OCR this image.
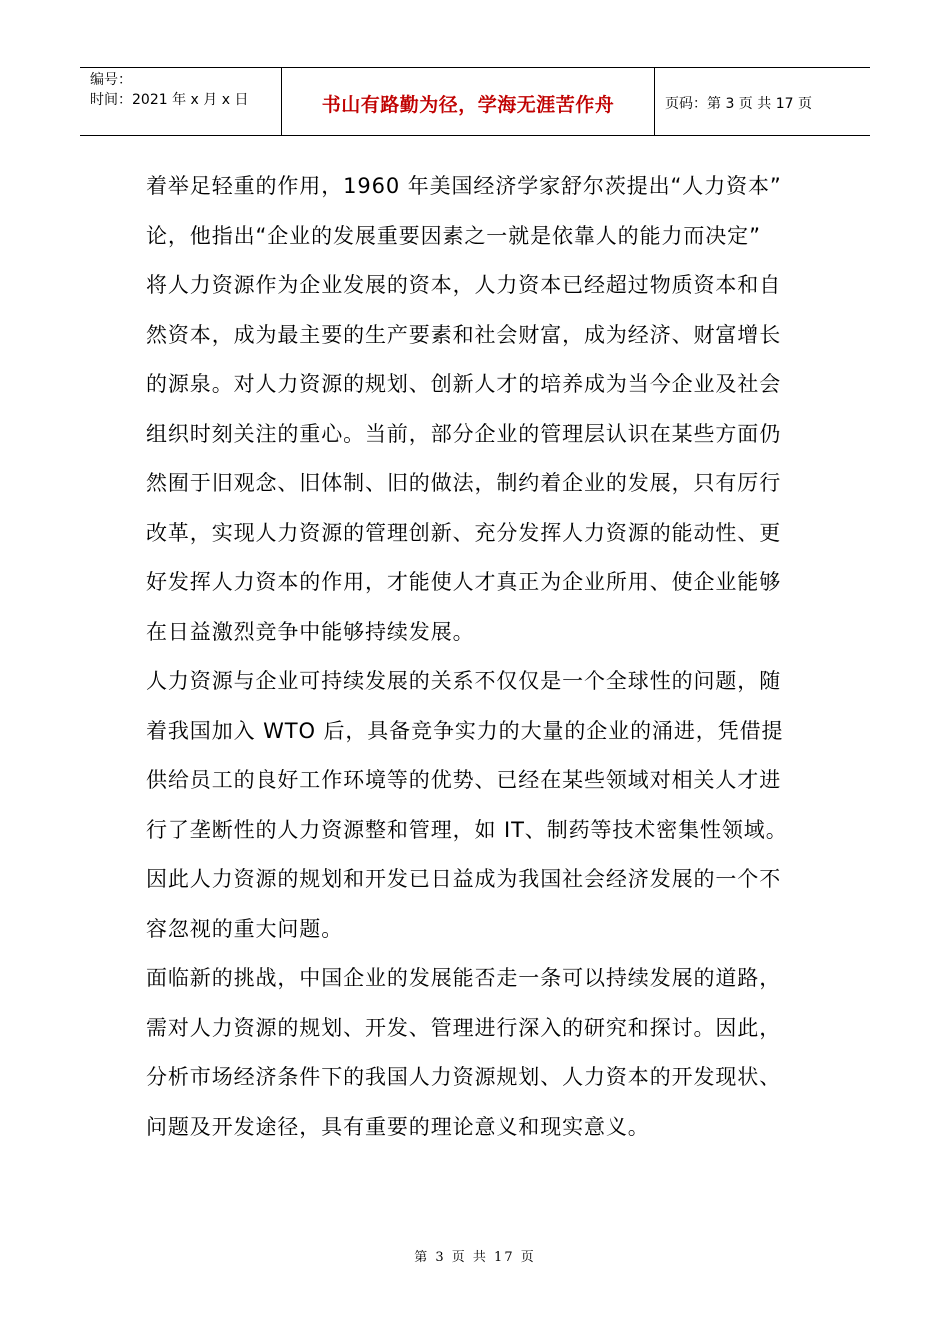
编号：
时间：2021 年 x 月 x 日	书山有路勤为径，学海无涯苦作舟	页码：第 3 页 共 17 页
着举足轻重的作用，1960 年美国经济学家舒尔茨提出“人力资本”
论，他指出“企业的发展重要因素之一就是依靠人的能力而决定”
将人力资源作为企业发展的资本，人力资本已经超过物质资本和自
然资本，成为最主要的生产要素和社会财富，成为经济、财富增长
的源泉。对人力资源的规划、创新人才的培养成为当今企业及社会
组织时刻关注的重心。当前，部分企业的管理层认识在某些方面仍
然囿于旧观念、旧体制、旧的做法，制约着企业的发展，只有厉行
改革，实现人力资源的管理创新、充分发挥人力资源的能动性、更
好发挥人力资本的作用，才能使人才真正为企业所用、使企业能够
在日益激烈竞争中能够持续发展。
人力资源与企业可持续发展的关系不仅仅是一个全球性的问题，随
着我国加入 WTO 后，具备竞争实力的大量的企业的涌进，凭借提
供给员工的良好工作环境等的优势、已经在某些领域对相关人才进
行了垄断性的人力资源整和管理，如 IT、制药等技术密集性领域。
因此人力资源的规划和开发已日益成为我国社会经济发展的一个不
容忽视的重大问题。
面临新的挑战，中国企业的发展能否走一条可以持续发展的道路，
需对人力资源的规划、开发、管理进行深入的研究和探讨。因此，
分析市场经济条件下的我国人力资源规划、人力资本的开发现状、
问题及开发途径，具有重要的理论意义和现实意义。
第 3 页 共 17 页
